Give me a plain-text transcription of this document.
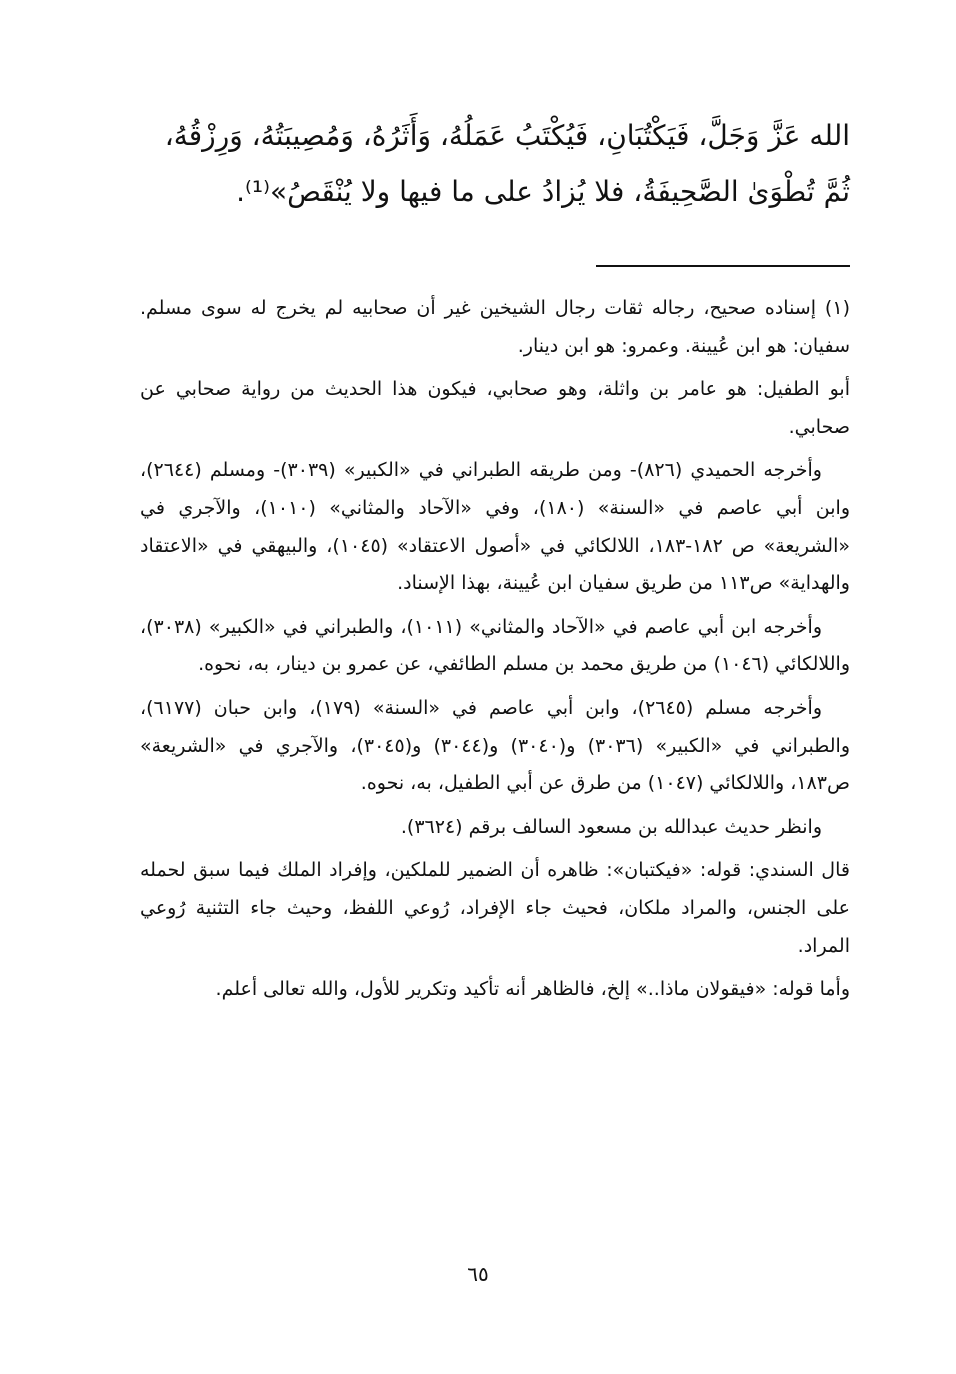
الله عَزَّ وَجَلَّ، فَيَكْتُبَانِ، فَيُكْتَبُ عَمَلُهُ، وَأَثَرُهُ، وَمُصِيبَتُهُ، وَرِزْقُهُ،

ثُمَّ تُطْوَىٰ الصَّحِيفَةُ، فلا يُزادُ على ما فيها ولا يُنْقَصُ»⁽¹⁾.

(١) إسناده صحيح، رجاله ثقات رجال الشيخين غير أن صحابيه لم يخرج له سوى مسلم. سفيان: هو ابن عُيينة. وعمرو: هو ابن دينار.

أبو الطفيل: هو عامر بن واثلة، وهو صحابي، فيكون هذا الحديث من رواية صحابي عن صحابي.

وأخرجه الحميدي (٨٢٦)- ومن طريقه الطبراني في «الكبير» (٣٠٣٩)- ومسلم (٢٦٤٤)، وابن أبي عاصم في «السنة» (١٨٠)، وفي «الآحاد والمثاني» (١٠١٠)، والآجري في «الشريعة» ص ١٨٢-١٨٣، اللالكائي في «أصول الاعتقاد» (١٠٤٥)، والبيهقي في «الاعتقاد والهداية» ص١١٣ من طريق سفيان ابن عُيينة، بهذا الإسناد.

وأخرجه ابن أبي عاصم في «الآحاد والمثاني» (١٠١١)، والطبراني في «الكبير» (٣٠٣٨)، واللالكائي (١٠٤٦) من طريق محمد بن مسلم الطائفي، عن عمرو بن دينار، به، نحوه.

وأخرجه مسلم (٢٦٤٥)، وابن أبي عاصم في «السنة» (١٧٩)، وابن حبان (٦١٧٧)، والطبراني في «الكبير» (٣٠٣٦) و(٣٠٤٠) و(٣٠٤٤) و(٣٠٤٥)، والآجري في «الشريعة» ص١٨٣، واللالكائي (١٠٤٧) من طرق عن أبي الطفيل، به، نحوه.

وانظر حديث عبدالله بن مسعود السالف برقم (٣٦٢٤).

قال السندي: قوله: «فيكتبان»: ظاهره أن الضمير للملكين، وإفراد الملك فيما سبق لحمله على الجنس، والمراد ملكان، فحيث جاء الإفراد، رُوعي اللفظ، وحيث جاء التثنية رُوعي المراد.

وأما قوله: «فيقولان ماذا..» إلخ، فالظاهر أنه تأكيد وتكرير للأول، والله تعالى أعلم.

٦٥
